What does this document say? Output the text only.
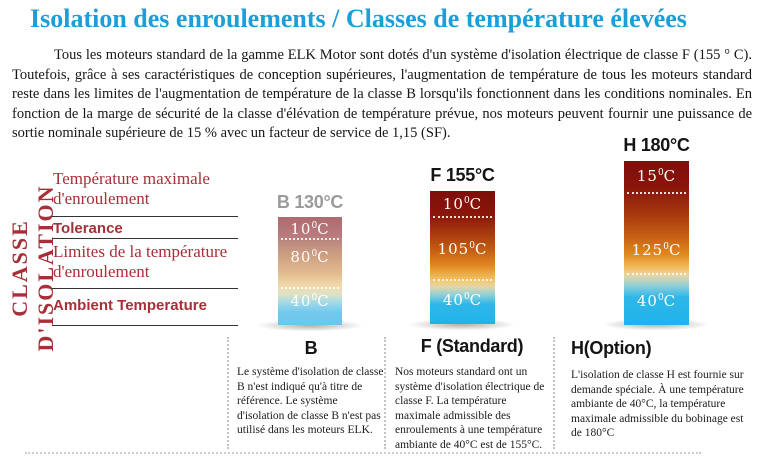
Isolation des enroulements / Classes de température élevées

Tous les moteurs standard de la gamme ELK Motor sont dotés d'un système d'isolation électrique de classe F (155 ° C). Toutefois, grâce à ses caractéristiques de conception supérieures, l'augmentation de température de tous les moteurs standard reste dans les limites de l'augmentation de température de la classe B lorsqu'ils fonctionnent dans les conditions nominales. En fonction de la marge de sécurité de la classe d'élévation de température prévue, nos moteurs peuvent fournir une puissance de sortie nominale supérieure de 15 % avec un facteur de service de 1,15 (SF).

CLASSE D'ISOLATION
Température maximale d'enroulement
Tolerance
Limites de la température d'enroulement
Ambient Temperature
B 130°C
F 155°C
H 180°C
$10^0C$
$80^0C$
$40^0C$
$10^0C$
$105^0C$
$40^0C$
$15^0C$
$125^0C$
$40^0C$
B
Le système d'isolation de classe B n'est indiqué qu'à titre de référence. Le système d'isolation de classe B n'est pas utilisé dans les moteurs ELK.
F (Standard)
Nos moteurs standard ont un système d'isolation électrique de classe F. La température maximale admissible des enroulements à une température ambiante de 40°C est de 155°C.
H(Option)
L'isolation de classe H est fournie sur demande spéciale. À une température ambiante de 40°C, la température maximale admissible du bobinage est de 180°C
